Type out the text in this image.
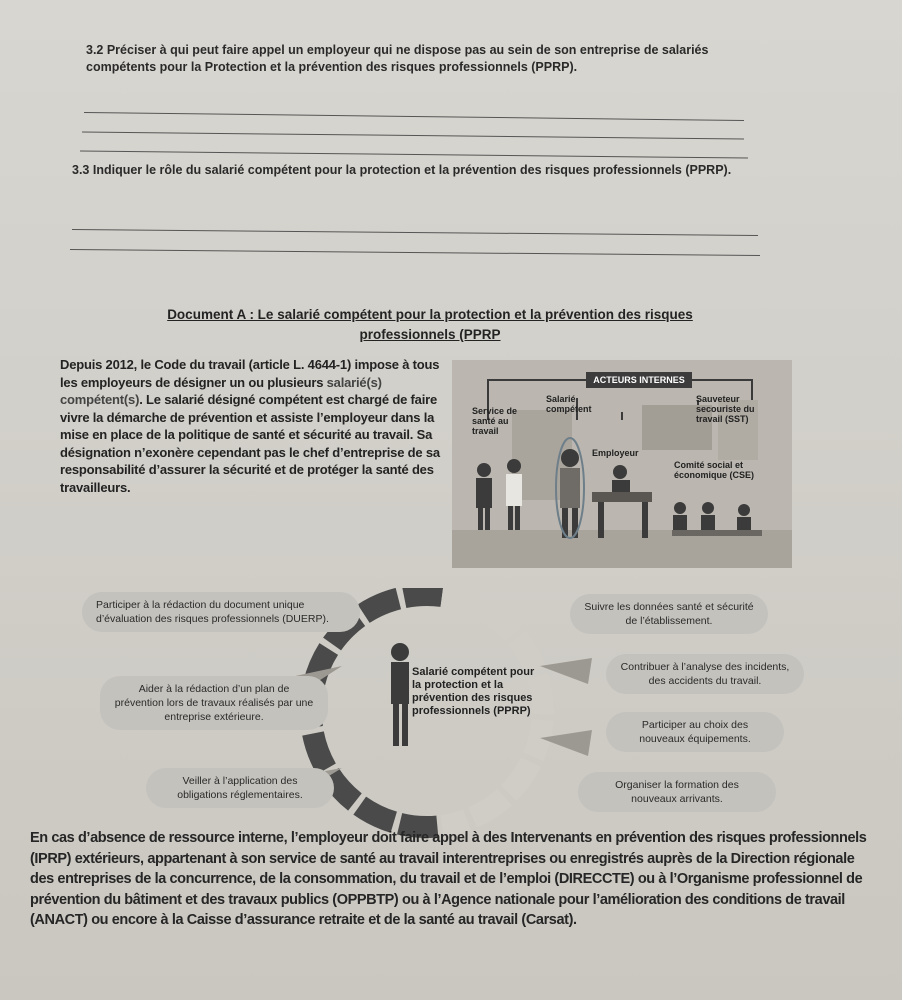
3.2 Préciser à qui peut faire appel un employeur qui ne dispose pas au sein de son entreprise de salariés compétents pour la Protection et la prévention des risques professionnels (PPRP).
3.3 Indiquer le rôle du salarié compétent pour la protection et la prévention des risques professionnels (PPRP).
Document A : Le salarié compétent pour la protection et la prévention des risques
professionnels (PPRP
Depuis 2012, le Code du travail (article L. 4644-1) impose à tous les employeurs de désigner un ou plusieurs salarié(s) compétent(s). Le salarié désigné compétent est chargé de faire vivre la démarche de prévention et assiste l’employeur dans la mise en place de la politique de santé et sécurité au travail. Sa désignation n’exonère cependant pas le chef d’entreprise de sa responsabilité d’assurer la sécurité et de protéger la santé des travailleurs.
ACTEURS INTERNES
Salarié compétent
Service de santé au travail
Employeur
Sauveteur secouriste du travail (SST)
Comité social et économique (CSE)
Participer à la rédaction du document unique d’évaluation des risques professionnels (DUERP).
Aider à la rédaction d’un plan de prévention lors de travaux réalisés par une entreprise extérieure.
Veiller à l’application des obligations réglementaires.
Salarié compétent pour la protection et la prévention des risques professionnels (PPRP)
Suivre les données santé et sécurité de l’établissement.
Contribuer à l’analyse des incidents, des accidents du travail.
Participer au choix des nouveaux équipements.
Organiser la formation des nouveaux arrivants.
En cas d’absence de ressource interne, l’employeur doit faire appel à des Intervenants en prévention des risques professionnels (IPRP) extérieurs, appartenant à son service de santé au travail interentreprises ou enregistrés auprès de la Direction régionale des entreprises de la concurrence, de la consommation, du travail et de l’emploi (DIRECCTE) ou à l’Organisme professionnel de prévention du bâtiment et des travaux publics (OPPBTP) ou à l’Agence nationale pour l’amélioration des conditions de travail (ANACT) ou encore à la Caisse d’assurance retraite et de la santé au travail (Carsat).
